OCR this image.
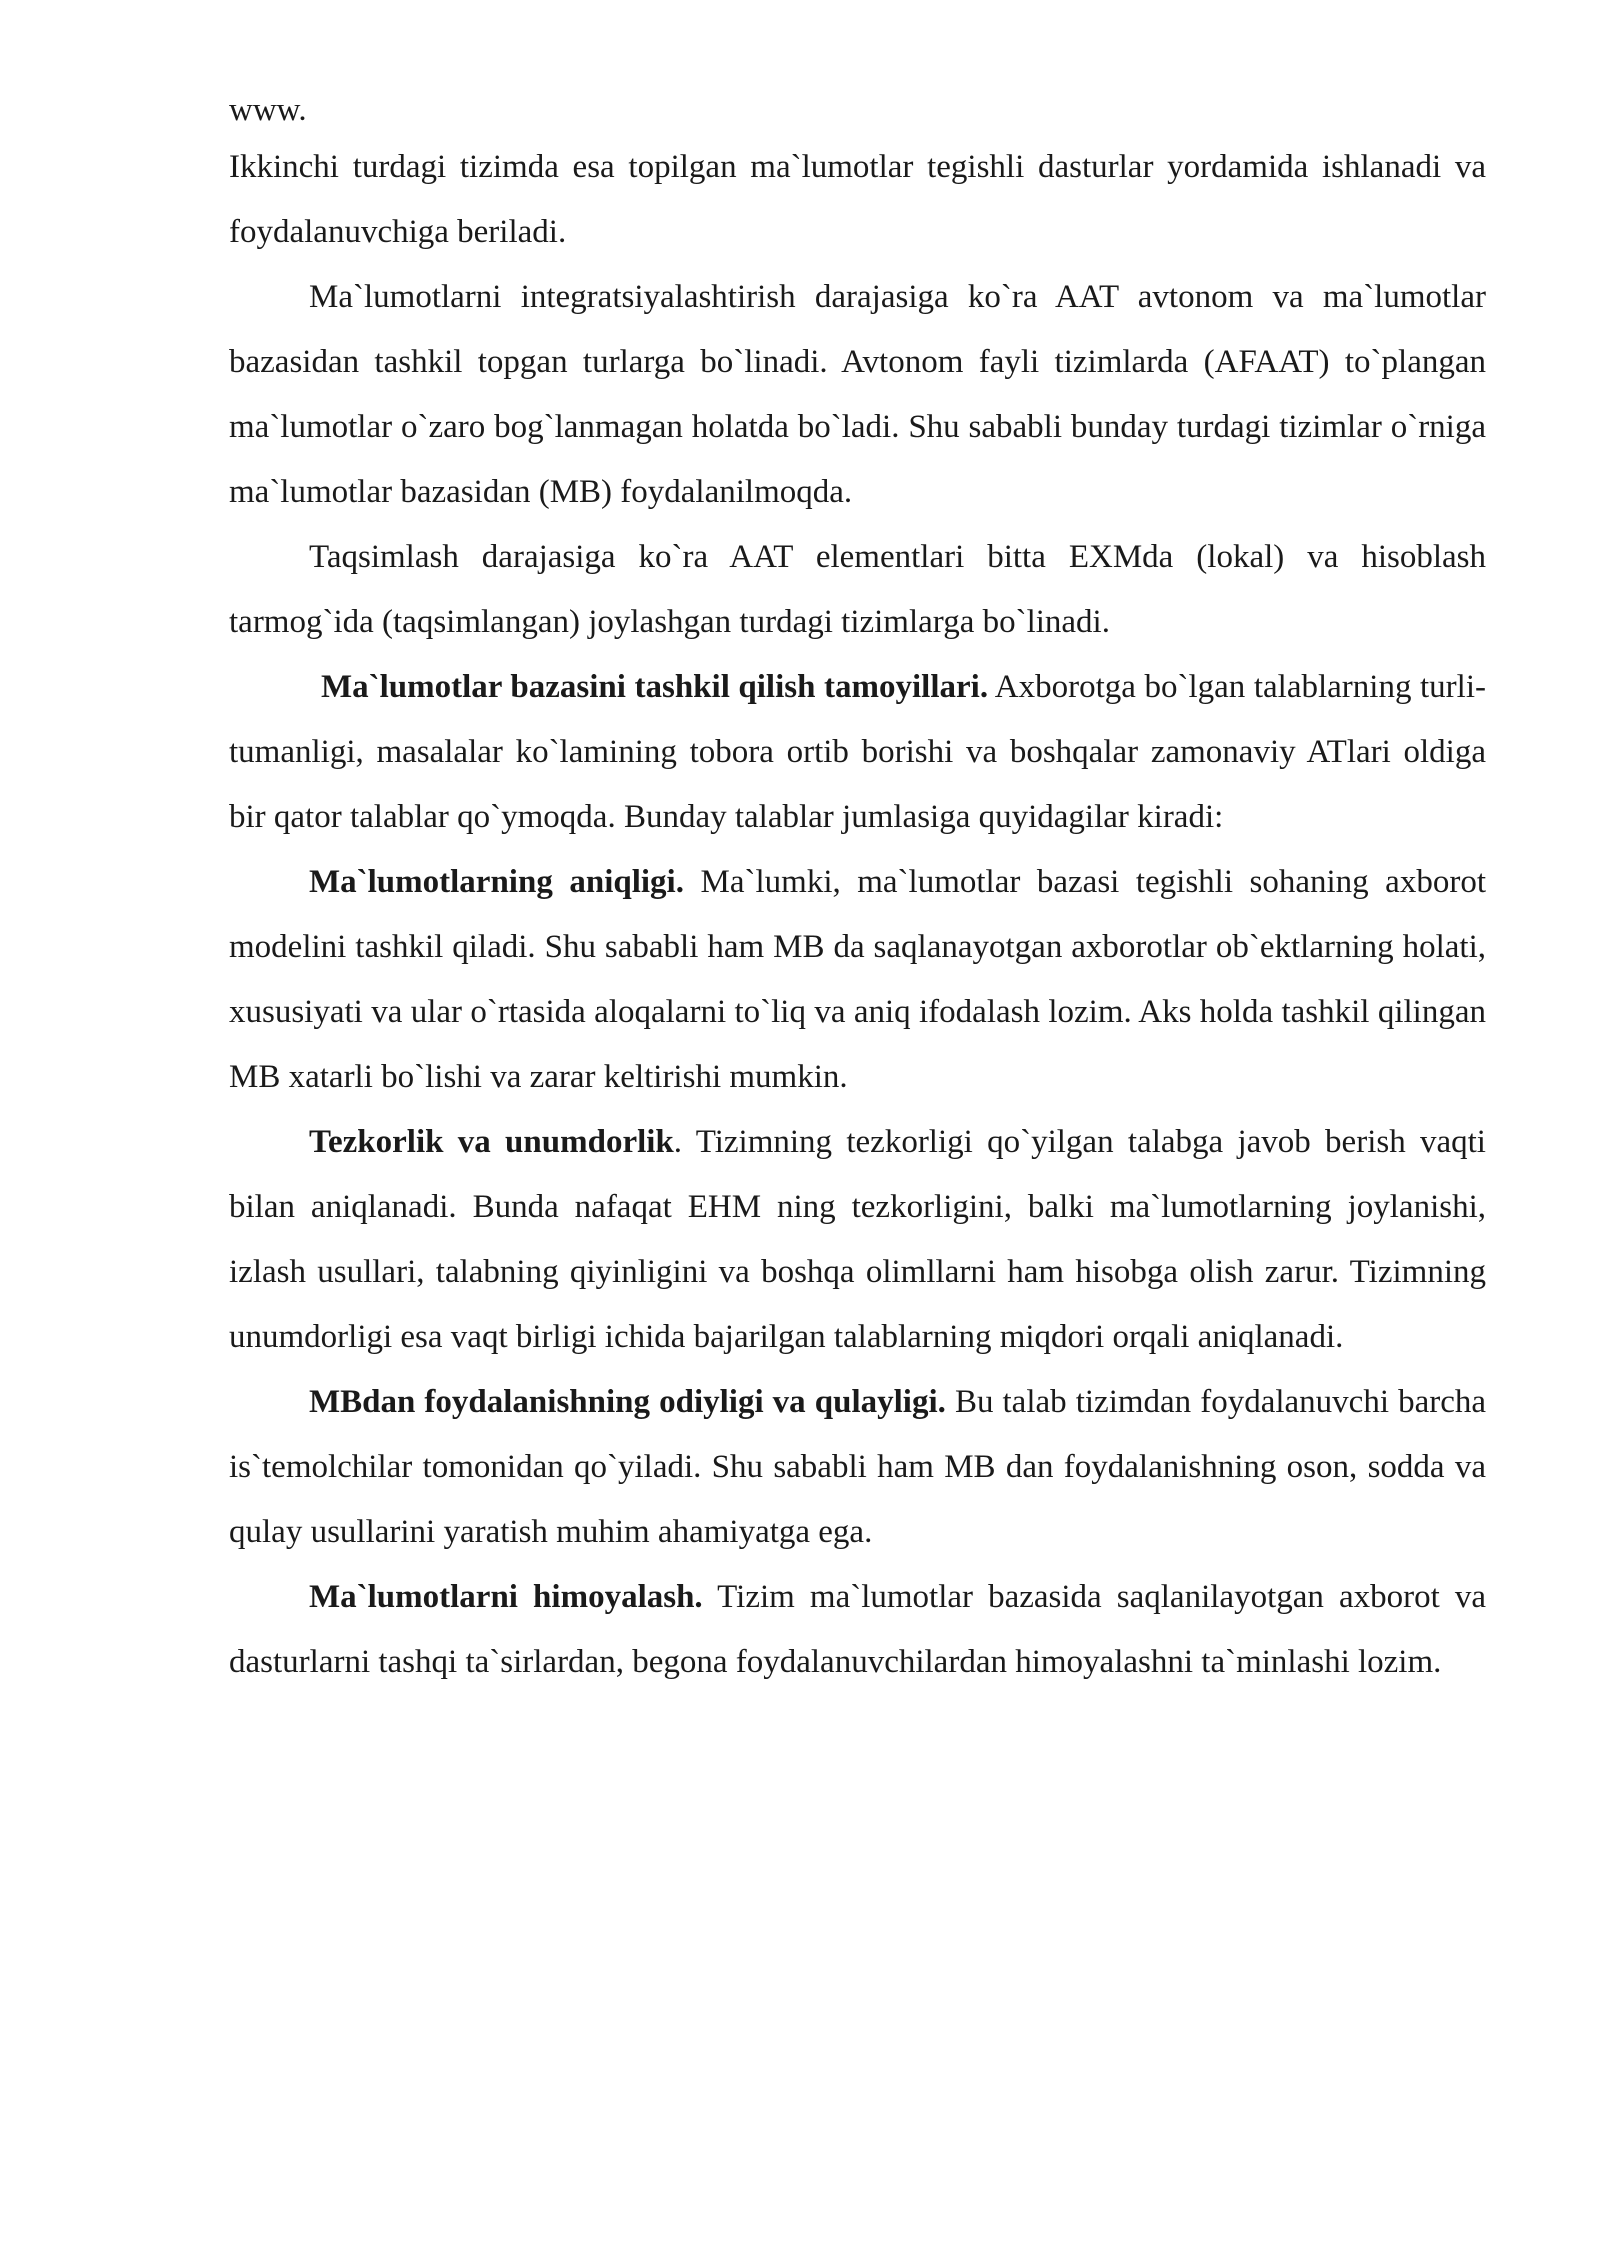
www.

Ikkinchi turdagi tizimda esa topilgan ma`lumotlar tegishli dasturlar yordamida ishlanadi va foydalanuvchiga beriladi.

Ma`lumotlarni integratsiyalashtirish darajasiga ko`ra AAT avtonom va ma`lumotlar bazasidan tashkil topgan turlarga bo`linadi. Avtonom fayli tizimlarda (AFAAT) to`plangan ma`lumotlar o`zaro bog`lanmagan holatda bo`ladi. Shu sababli bunday turdagi tizimlar o`rniga ma`lumotlar bazasidan (MB) foydalanilmoqda.

Taqsimlash darajasiga ko`ra AAT elementlari bitta EXMda (lokal) va hisoblash tarmog`ida (taqsimlangan) joylashgan turdagi tizimlarga bo`linadi.

Ma`lumotlar bazasini tashkil qilish tamoyillari. Axborotga bo`lgan talablarning turli-tumanligi, masalalar ko`lamining tobora ortib borishi va boshqalar zamonaviy ATlari oldiga bir qator talablar qo`ymoqda. Bunday talablar jumlasiga quyidagilar kiradi:

Ma`lumotlarning aniqligi. Ma`lumki, ma`lumotlar bazasi tegishli sohaning axborot modelini tashkil qiladi. Shu sababli ham MB da saqlanayotgan axborotlar ob`ektlarning holati, xususiyati va ular o`rtasida aloqalarni to`liq va aniq ifodalash lozim. Aks holda tashkil qilingan MB xatarli bo`lishi va zarar keltirishi mumkin.

Tezkorlik va unumdorlik. Tizimning tezkorligi qo`yilgan talabga javob berish vaqti bilan aniqlanadi. Bunda nafaqat EHM ning tezkorligini, balki ma`lumotlarning joylanishi, izlash usullari, talabning qiyinligini va boshqa olimllarni ham hisobga olish zarur. Tizimning unumdorligi esa vaqt birligi ichida bajarilgan talablarning miqdori orqali aniqlanadi.

MBdan foydalanishning odiyligi va qulayligi. Bu talab tizimdan foydalanuvchi barcha is`temolchilar tomonidan qo`yiladi. Shu sababli ham MB dan foydalanishning oson, sodda va qulay usullarini yaratish muhim ahamiyatga ega.

Ma`lumotlarni himoyalash. Tizim ma`lumotlar bazasida saqlanilayotgan axborot va dasturlarni tashqi ta`sirlardan, begona foydalanuvchilardan himoyalashni ta`minlashi lozim.
